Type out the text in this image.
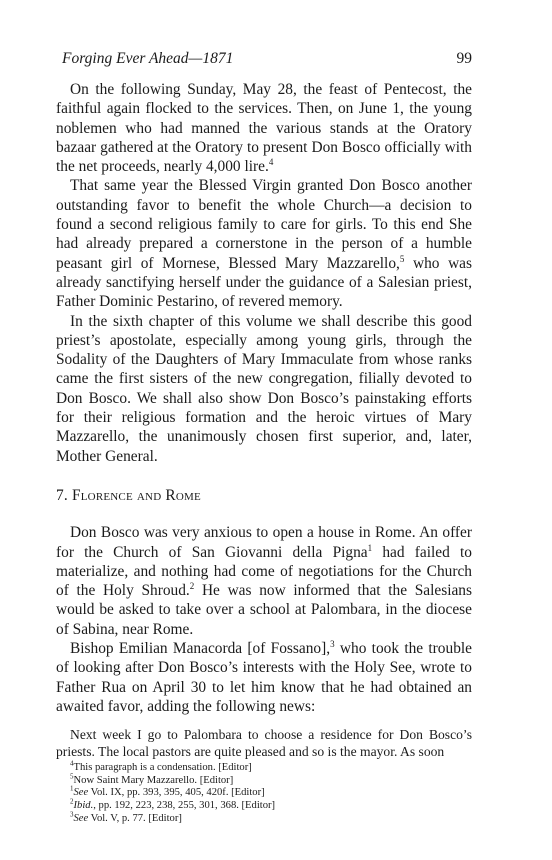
Forging Ever Ahead—1871	99

On the following Sunday, May 28, the feast of Pentecost, the faithful again flocked to the services. Then, on June 1, the young noblemen who had manned the various stands at the Oratory bazaar gathered at the Oratory to present Don Bosco officially with the net proceeds, nearly 4,000 lire.$^4$

That same year the Blessed Virgin granted Don Bosco another outstanding favor to benefit the whole Church—a decision to found a second religious family to care for girls. To this end She had already prepared a cornerstone in the person of a humble peasant girl of Mornese, Blessed Mary Mazzarello,$^5$ who was already sanctifying herself under the guidance of a Salesian priest, Father Dominic Pestarino, of revered memory.

In the sixth chapter of this volume we shall describe this good priest’s apostolate, especially among young girls, through the Sodality of the Daughters of Mary Immaculate from whose ranks came the first sisters of the new congregation, filially devoted to Don Bosco. We shall also show Don Bosco’s painstaking efforts for their religious formation and the heroic virtues of Mary Mazzarello, the unanimously chosen first superior, and, later, Mother General.

7. Florence and Rome

Don Bosco was very anxious to open a house in Rome. An offer for the Church of San Giovanni della Pigna$^1$ had failed to materialize, and nothing had come of negotiations for the Church of the Holy Shroud.$^2$ He was now informed that the Salesians would be asked to take over a school at Palombara, in the diocese of Sabina, near Rome.

Bishop Emilian Manacorda [of Fossano],$^3$ who took the trouble of looking after Don Bosco’s interests with the Holy See, wrote to Father Rua on April 30 to let him know that he had obtained an awaited favor, adding the following news:

Next week I go to Palombara to choose a residence for Don Bosco’s priests. The local pastors are quite pleased and so is the mayor. As soon

$^4$This paragraph is a condensation. [Editor]
$^5$Now Saint Mary Mazzarello. [Editor]
$^1$See Vol. IX, pp. 393, 395, 405, 420f. [Editor]
$^2$Ibid., pp. 192, 223, 238, 255, 301, 368. [Editor]
$^3$See Vol. V, p. 77. [Editor]
